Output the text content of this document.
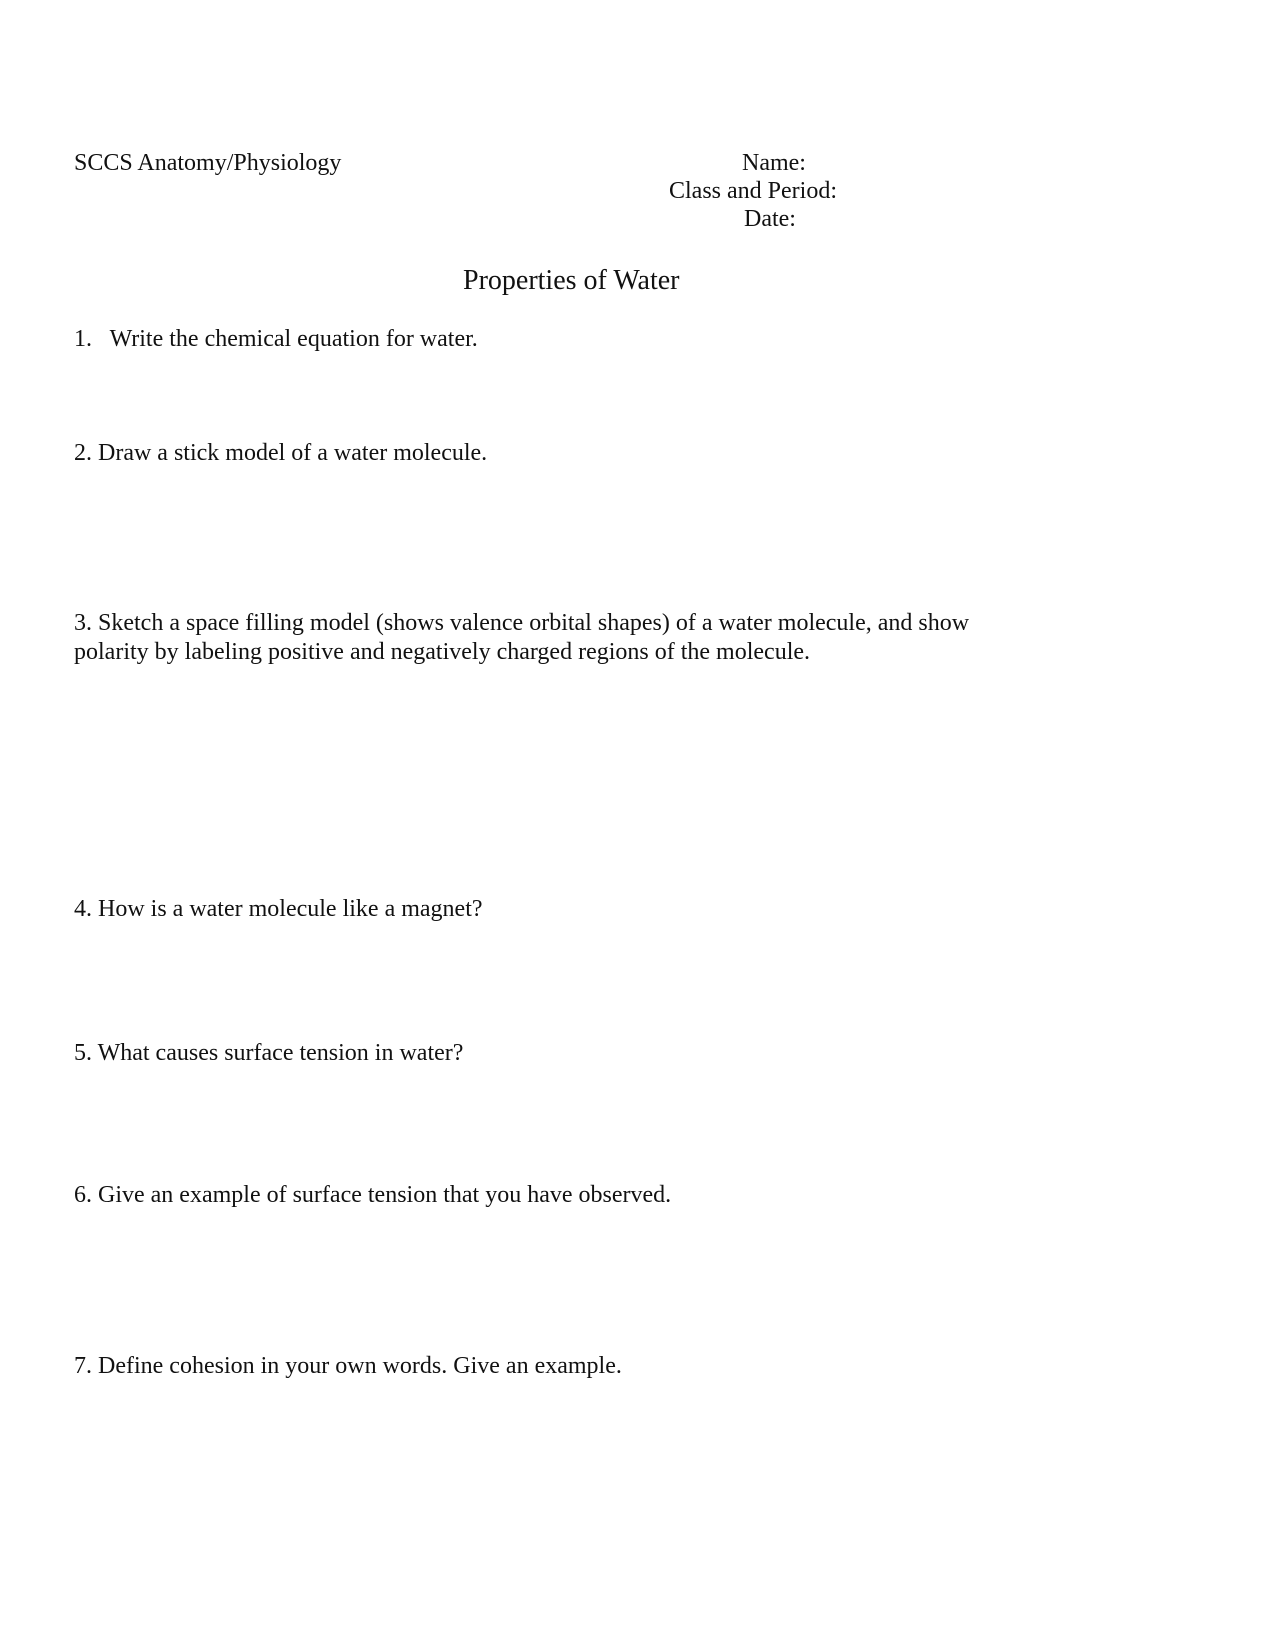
SCCS Anatomy/Physiology	Name:
Class and Period:
Date:
Properties of Water
1. Write the chemical equation for water.
2. Draw a stick model of a water molecule.
3. Sketch a space filling model (shows valence orbital shapes) of a water molecule, and show
polarity by labeling positive and negatively charged regions of the molecule.
4. How is a water molecule like a magnet?
5. What causes surface tension in water?
6. Give an example of surface tension that you have observed.
7. Define cohesion in your own words. Give an example.
